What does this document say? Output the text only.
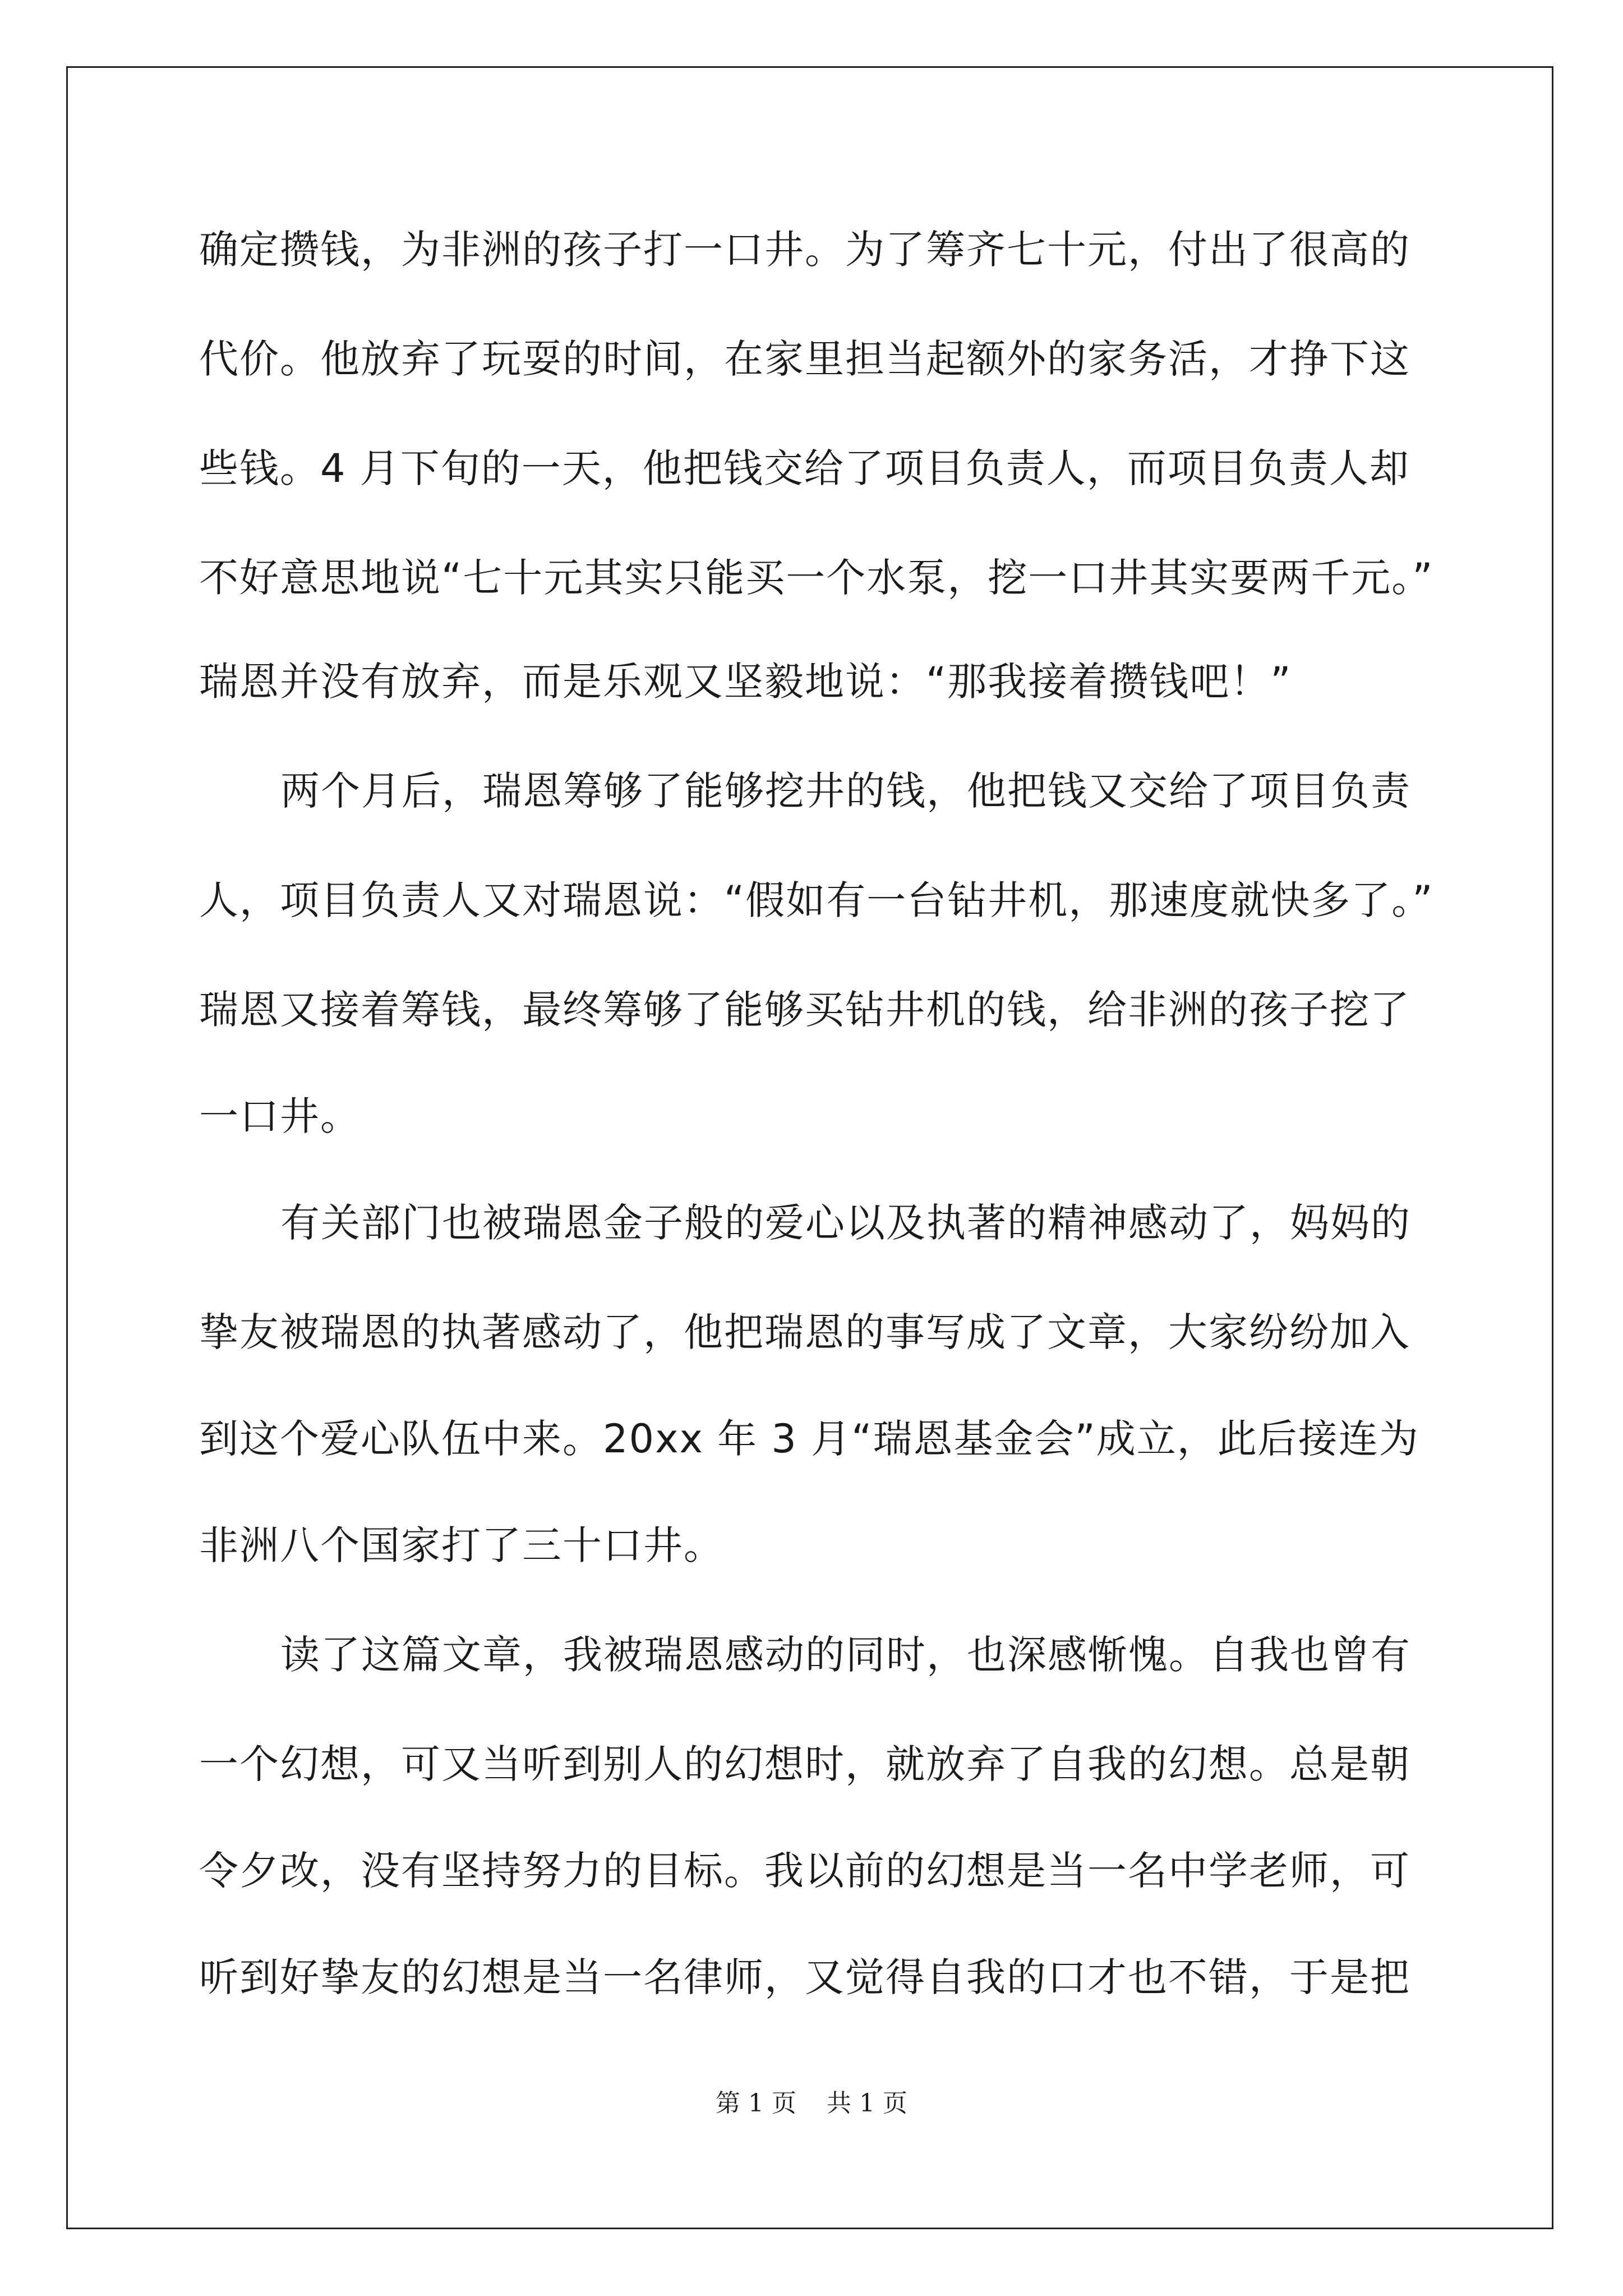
确定攒钱，为非洲的孩子打一口井。为了筹齐七十元，付出了很高的
代价。他放弃了玩耍的时间，在家里担当起额外的家务活，才挣下这
些钱。4 月下旬的一天，他把钱交给了项目负责人，而项目负责人却
不好意思地说“七十元其实只能买一个水泵，挖一口井其实要两千元。”
瑞恩并没有放弃，而是乐观又坚毅地说：“那我接着攒钱吧！”
两个月后，瑞恩筹够了能够挖井的钱，他把钱又交给了项目负责
人，项目负责人又对瑞恩说：“假如有一台钻井机，那速度就快多了。”
瑞恩又接着筹钱，最终筹够了能够买钻井机的钱，给非洲的孩子挖了
一口井。
有关部门也被瑞恩金子般的爱心以及执著的精神感动了，妈妈的
挚友被瑞恩的执著感动了，他把瑞恩的事写成了文章，大家纷纷加入
到这个爱心队伍中来。20xx 年 3 月“瑞恩基金会”成立，此后接连为
非洲八个国家打了三十口井。
读了这篇文章，我被瑞恩感动的同时，也深感惭愧。自我也曾有
一个幻想，可又当听到别人的幻想时，就放弃了自我的幻想。总是朝
令夕改，没有坚持努力的目标。我以前的幻想是当一名中学老师，可
听到好挚友的幻想是当一名律师，又觉得自我的口才也不错，于是把
第 1 页 共 1 页
